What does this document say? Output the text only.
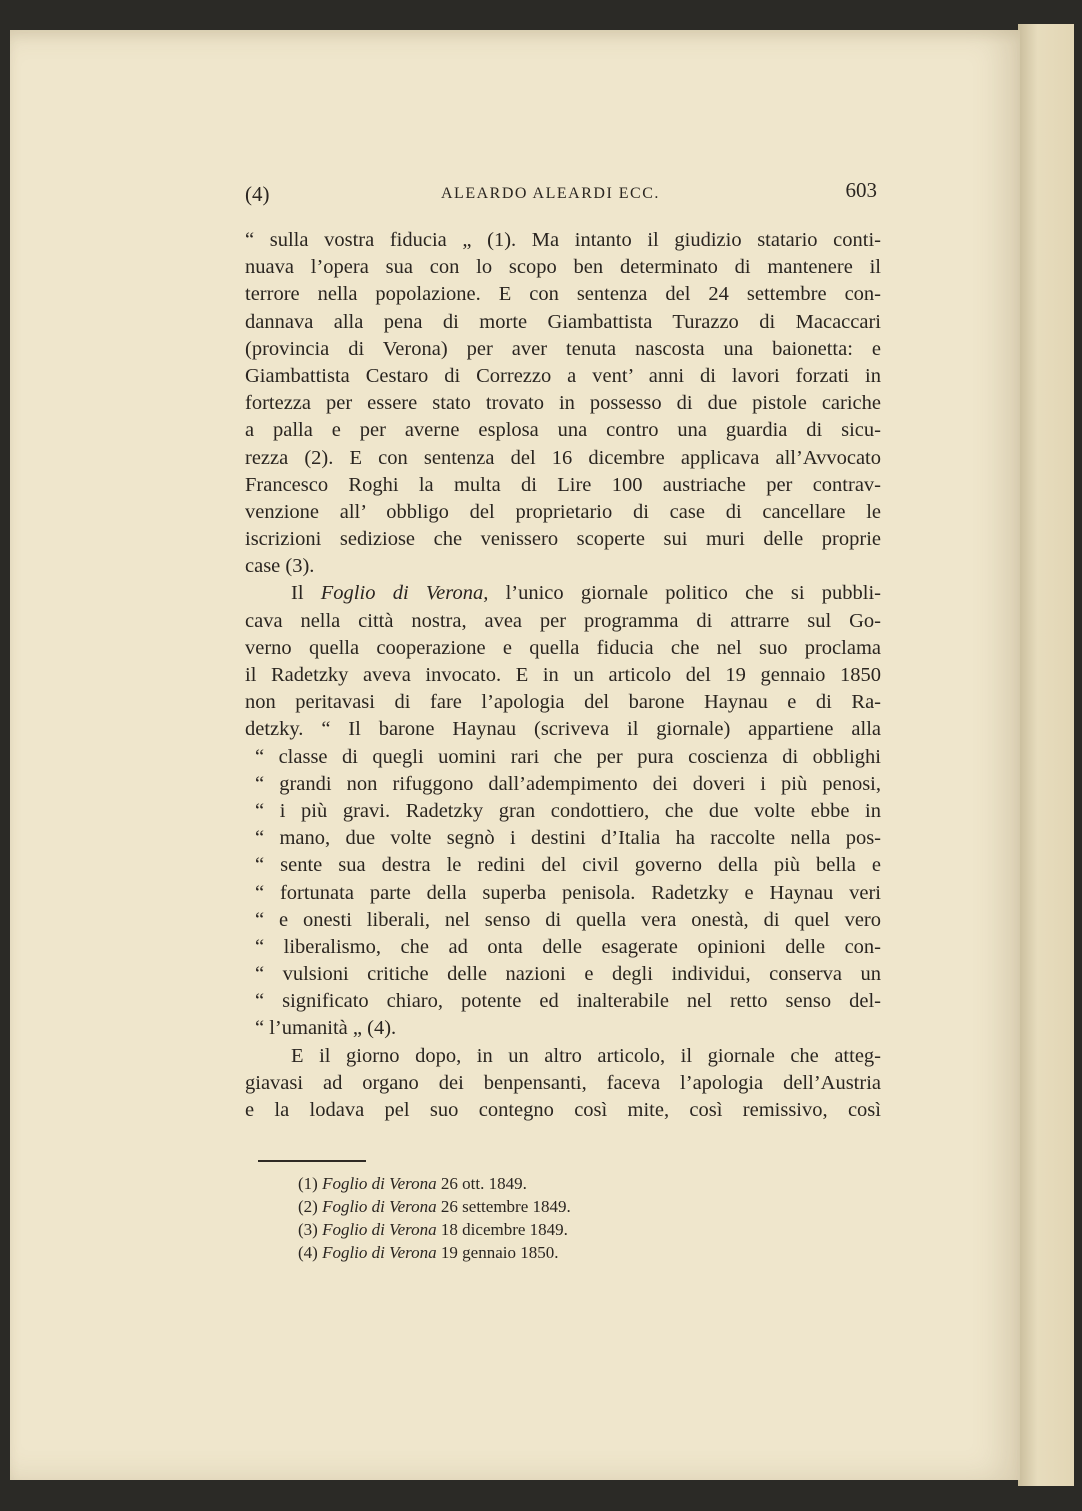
(4)	ALEARDO ALEARDI ECC.	603
“ sulla vostra fiducia „ (1). Ma intanto il giudizio statario conti-
nuava l’opera sua con lo scopo ben determinato di mantenere il
terrore nella popolazione. E con sentenza del 24 settembre con-
dannava alla pena di morte Giambattista Turazzo di Macaccari
(provincia di Verona) per aver tenuta nascosta una baionetta: e
Giambattista Cestaro di Correzzo a vent’ anni di lavori forzati in
fortezza per essere stato trovato in possesso di due pistole cariche
a palla e per averne esplosa una contro una guardia di sicu-
rezza (2). E con sentenza del 16 dicembre applicava all’Avvocato
Francesco Roghi la multa di Lire 100 austriache per contrav-
venzione all’ obbligo del proprietario di case di cancellare le
iscrizioni sediziose che venissero scoperte sui muri delle proprie
case (3).
Il Foglio di Verona, l’unico giornale politico che si pubbli-
cava nella città nostra, avea per programma di attrarre sul Go-
verno quella cooperazione e quella fiducia che nel suo proclama
il Radetzky aveva invocato. E in un articolo del 19 gennaio 1850
non peritavasi di fare l’apologia del barone Haynau e di Ra-
detzky. “ Il barone Haynau (scriveva il giornale) appartiene alla
“ classe di quegli uomini rari che per pura coscienza di obblighi
“ grandi non rifuggono dall’adempimento dei doveri i più penosi,
“ i più gravi. Radetzky gran condottiero, che due volte ebbe in
“ mano, due volte segnò i destini d’Italia ha raccolte nella pos-
“ sente sua destra le redini del civil governo della più bella e
“ fortunata parte della superba penisola. Radetzky e Haynau veri
“ e onesti liberali, nel senso di quella vera onestà, di quel vero
“ liberalismo, che ad onta delle esagerate opinioni delle con-
“ vulsioni critiche delle nazioni e degli individui, conserva un
“ significato chiaro, potente ed inalterabile nel retto senso del-
“ l’umanità „ (4).
E il giorno dopo, in un altro articolo, il giornale che atteg-
giavasi ad organo dei benpensanti, faceva l’apologia dell’Austria
e la lodava pel suo contegno così mite, così remissivo, così
(1) Foglio di Verona 26 ott. 1849.
(2) Foglio di Verona 26 settembre 1849.
(3) Foglio di Verona 18 dicembre 1849.
(4) Foglio di Verona 19 gennaio 1850.
